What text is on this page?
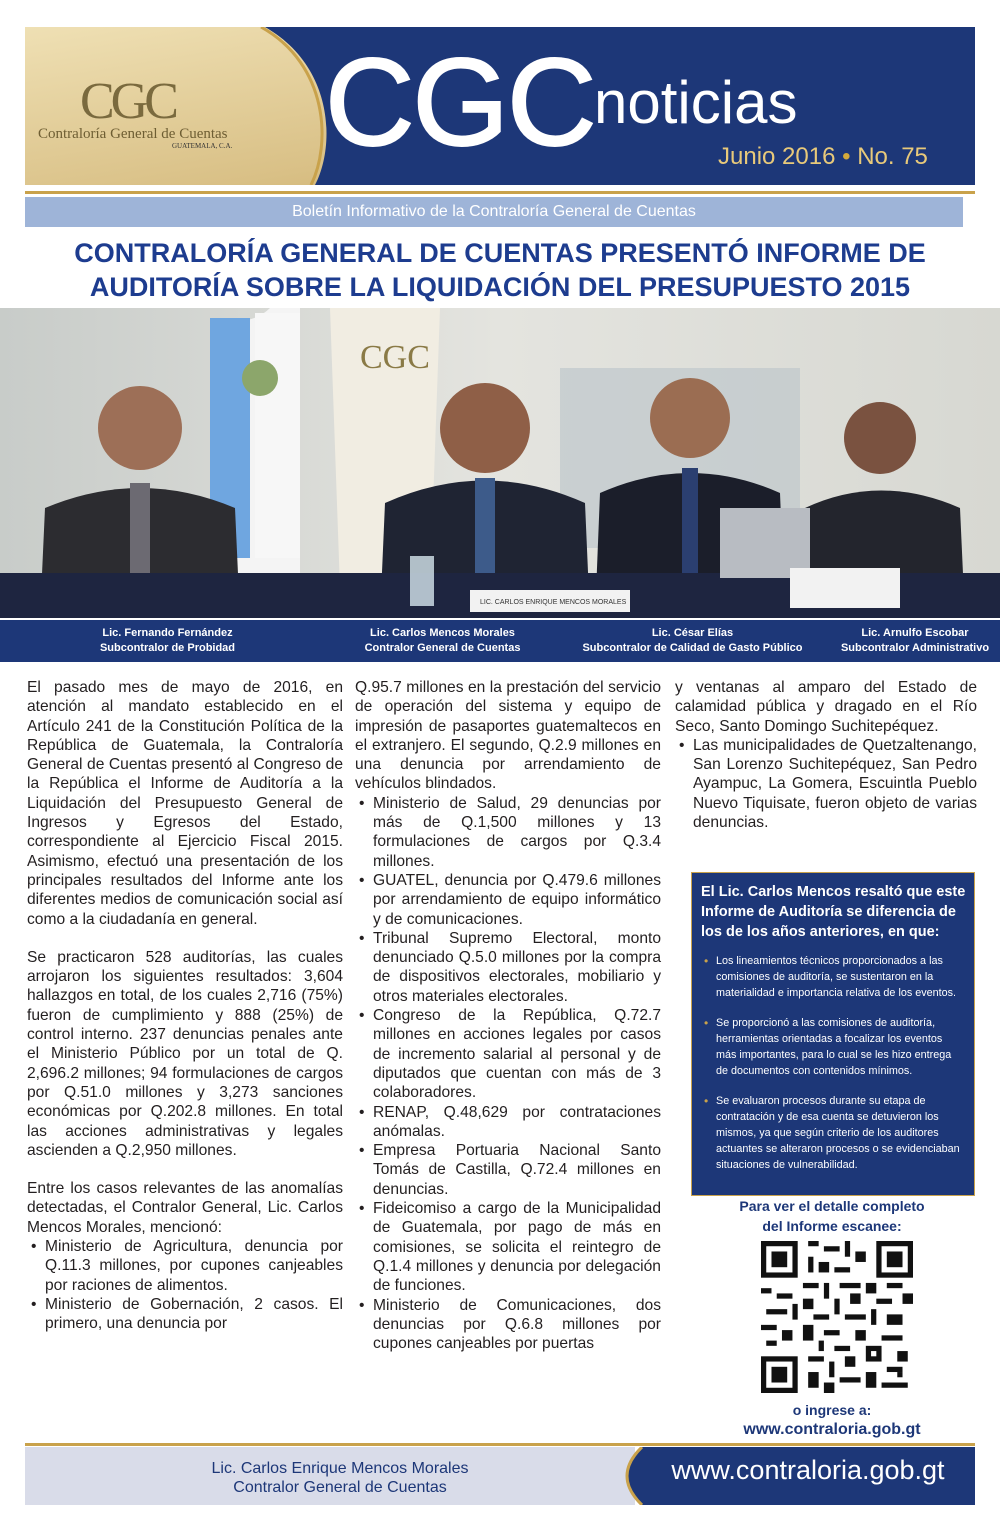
CGC
Contraloría General de Cuentas
GUATEMALA, C.A. CGC noticias
Junio 2016 • No. 75
Boletín Informativo de la Contraloría General de Cuentas
CONTRALORÍA GENERAL DE CUENTAS PRESENTÓ INFORME DE
AUDITORÍA SOBRE LA LIQUIDACIÓN DEL PRESUPUESTO 2015
CGC
LIC. CARLOS ENRIQUE MENCOS MORALES
Lic. Fernando Fernández
Subcontralor de Probidad
Lic. Carlos Mencos Morales
Contralor General de Cuentas
Lic. César Elías
Subcontralor de Calidad de Gasto Público
Lic. Arnulfo Escobar
Subcontralor Administrativo

El pasado mes de mayo de 2016, en atención al mandato establecido en el Artículo 241 de la Constitución Política de la República de Guatemala, la Contraloría General de Cuentas presentó al Congreso de la República el Informe de Auditoría a la Liquidación del Presupuesto General de Ingresos y Egresos del Estado, correspondiente al Ejercicio Fiscal 2015. Asimismo, efectuó una presentación de los principales resultados del Informe ante los diferentes medios de comunicación social así como a la ciudadanía en general.

Se practicaron 528 auditorías, las cuales arrojaron los siguientes resultados: 3,604 hallazgos en total, de los cuales 2,716 (75%) fueron de cumplimiento y 888 (25%) de control interno. 237 denuncias penales ante el Ministerio Público por un total de Q. 2,696.2 millones; 94 formulaciones de cargos por Q.51.0 millones y 3,273 sanciones económicas por Q.202.8 millones. En total las acciones administrativas y legales ascienden a Q.2,950 millones.

Entre los casos relevantes de las anomalías detectadas, el Contralor General, Lic. Carlos Mencos Morales, mencionó:

• Ministerio de Agricultura, denuncia por Q.11.3 millones, por cupones canjeables por raciones de alimentos.
• Ministerio de Gobernación, 2 casos. El primero, una denuncia por

Q.95.7 millones en la prestación del servicio de operación del sistema y equipo de impresión de pasaportes guatemaltecos en el extranjero. El segundo, Q.2.9 millones en una denuncia por arrendamiento de vehículos blindados.

• Ministerio de Salud, 29 denuncias por más de Q.1,500 millones y 13 formulaciones de cargos por Q.3.4 millones.
• GUATEL, denuncia por Q.479.6 millones por arrendamiento de equipo informático y de comunicaciones.
• Tribunal Supremo Electoral, monto denunciado Q.5.0 millones por la compra de dispositivos electorales, mobiliario y otros materiales electorales.
• Congreso de la República, Q.72.7 millones en acciones legales por casos de incremento salarial al personal y de diputados que cuentan con más de 3 colaboradores.
• RENAP, Q.48,629 por contrataciones anómalas.
• Empresa Portuaria Nacional Santo Tomás de Castilla, Q.72.4 millones en denuncias.
• Fideicomiso a cargo de la Municipalidad de Guatemala, por pago de más en comisiones, se solicita el reintegro de Q.1.4 millones y denuncia por delegación de funciones.
• Ministerio de Comunicaciones, dos denuncias por Q.6.8 millones por cupones canjeables por puertas

y ventanas al amparo del Estado de calamidad pública y dragado en el Río Seco, Santo Domingo Suchitepéquez.

• Las municipalidades de Quetzaltenango, San Lorenzo Suchitepéquez, San Pedro Ayampuc, La Gomera, Escuintla Pueblo Nuevo Tiquisate, fueron objeto de varias denuncias.
El Lic. Carlos Mencos resaltó que este Informe de Auditoría se diferencia de los de los años anteriores, en que:
• Los lineamientos técnicos proporcionados a las comisiones de auditoría, se sustentaron en la materialidad e importancia relativa de los eventos.
• Se proporcionó a las comisiones de auditoría, herramientas orientadas a focalizar los eventos más importantes, para lo cual se les hizo entrega de documentos con contenidos mínimos.
• Se evaluaron procesos durante su etapa de contratación y de esa cuenta se detuvieron los mismos, ya que según criterio de los auditores actuantes se alteraron procesos o se evidenciaban situaciones de vulnerabilidad.
Para ver el detalle completo
del Informe escanee:
o ingrese a:
www.contraloria.gob.gt
Lic. Carlos Enrique Mencos Morales
Contralor General de Cuentas
www.contraloria.gob.gt
